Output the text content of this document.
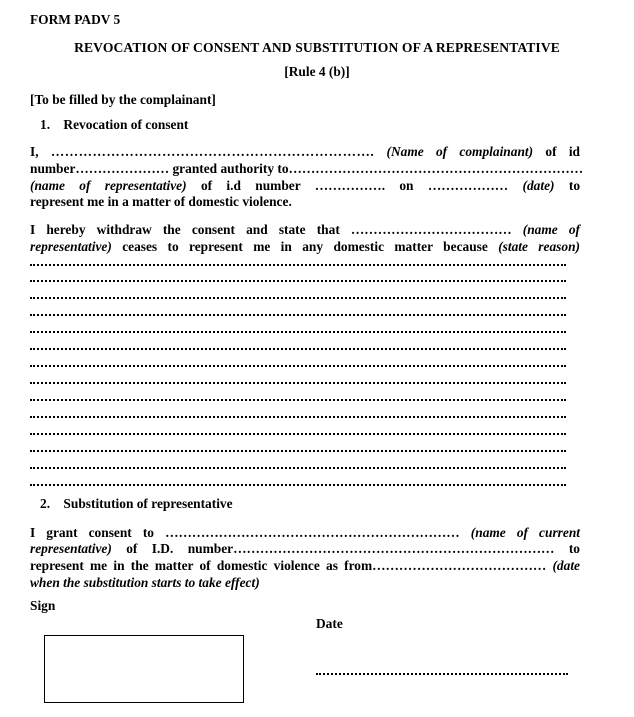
FORM PADV 5
REVOCATION OF CONSENT AND SUBSTITUTION OF A REPRESENTATIVE
[Rule 4 (b)]
[To be filled by the complainant]
1. Revocation of consent
I, ……………………………………………………………. (Name of complainant) of id
number………………… granted authority to…………………………………………………………
(name of representative) of i.d number ……………. on ……………… (date) to
represent me in a matter of domestic violence.
I hereby withdraw the consent and state that ……………………………… (name of
representative) ceases to represent me in any domestic matter because (state reason)
2. Substitution of representative
I grant consent to ………………………………………………………… (name of current
representative) of I.D. number……………………………………………………………… to
represent me in the matter of domestic violence as from………………………………… (date
when the substitution starts to take effect)
Sign
Date
